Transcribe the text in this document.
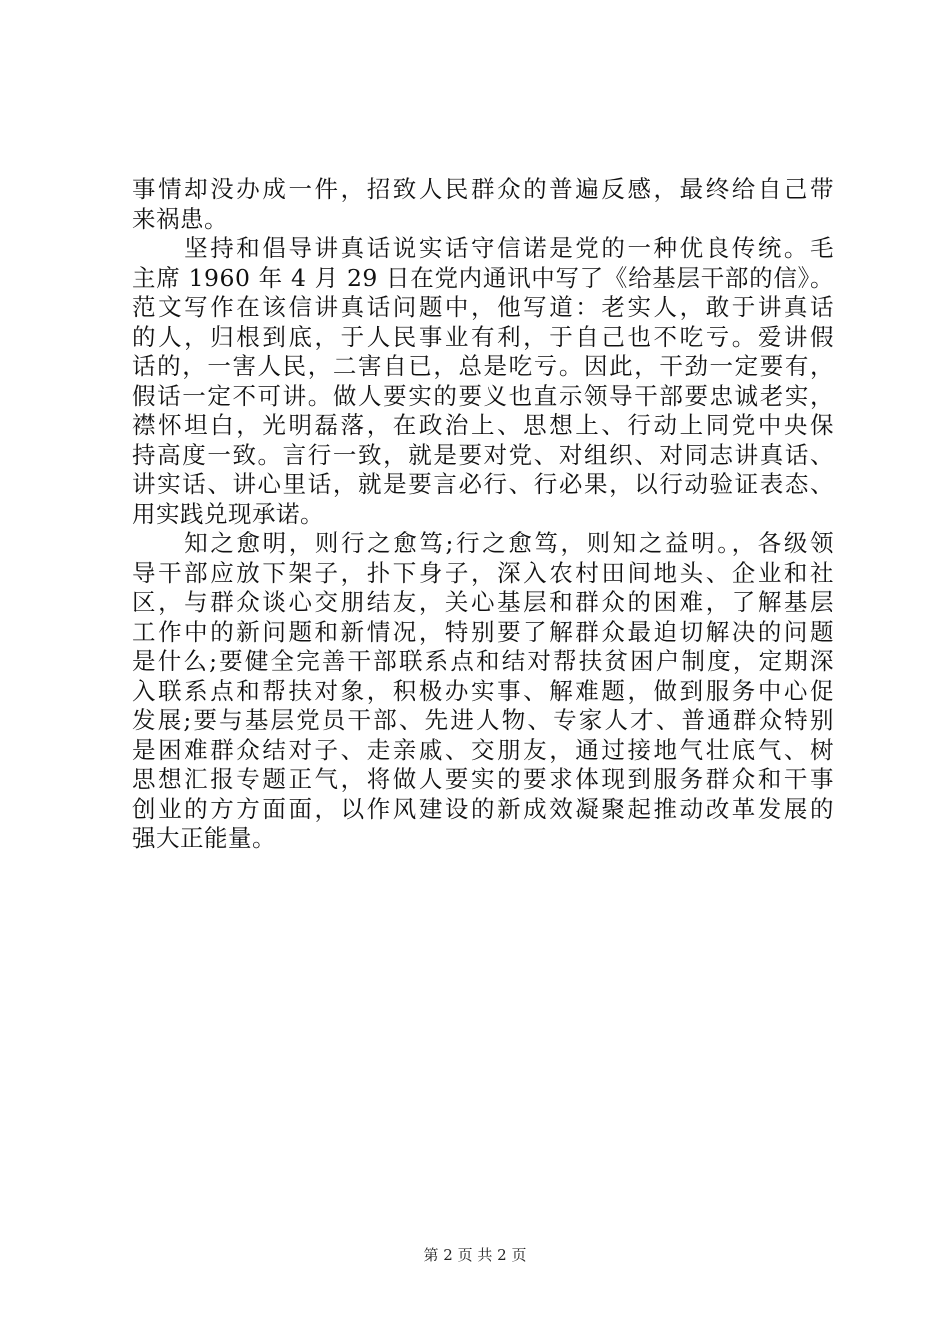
事情却没办成一件，招致人民群众的普遍反感，最终给自己带
来祸患。
　　坚持和倡导讲真话说实话守信诺是党的一种优良传统。毛
主席 1960 年 4 月 29 日在党内通讯中写了《给基层干部的信》。
范文写作在该信讲真话问题中，他写道：老实人，敢于讲真话
的人，归根到底，于人民事业有利，于自己也不吃亏。爱讲假
话的，一害人民，二害自已，总是吃亏。因此，干劲一定要有，
假话一定不可讲。做人要实的要义也直示领导干部要忠诚老实，
襟怀坦白，光明磊落，在政治上、思想上、行动上同党中央保
持高度一致。言行一致，就是要对党、对组织、对同志讲真话、
讲实话、讲心里话，就是要言必行、行必果，以行动验证表态、
用实践兑现承诺。
　　知之愈明，则行之愈笃;行之愈笃，则知之益明。，各级领
导干部应放下架子，扑下身子，深入农村田间地头、企业和社
区，与群众谈心交朋结友，关心基层和群众的困难，了解基层
工作中的新问题和新情况，特别要了解群众最迫切解决的问题
是什么;要健全完善干部联系点和结对帮扶贫困户制度，定期深
入联系点和帮扶对象，积极办实事、解难题，做到服务中心促
发展;要与基层党员干部、先进人物、专家人才、普通群众特别
是困难群众结对子、走亲戚、交朋友，通过接地气壮底气、树
思想汇报专题正气，将做人要实的要求体现到服务群众和干事
创业的方方面面，以作风建设的新成效凝聚起推动改革发展的
强大正能量。
第 2 页 共 2 页
